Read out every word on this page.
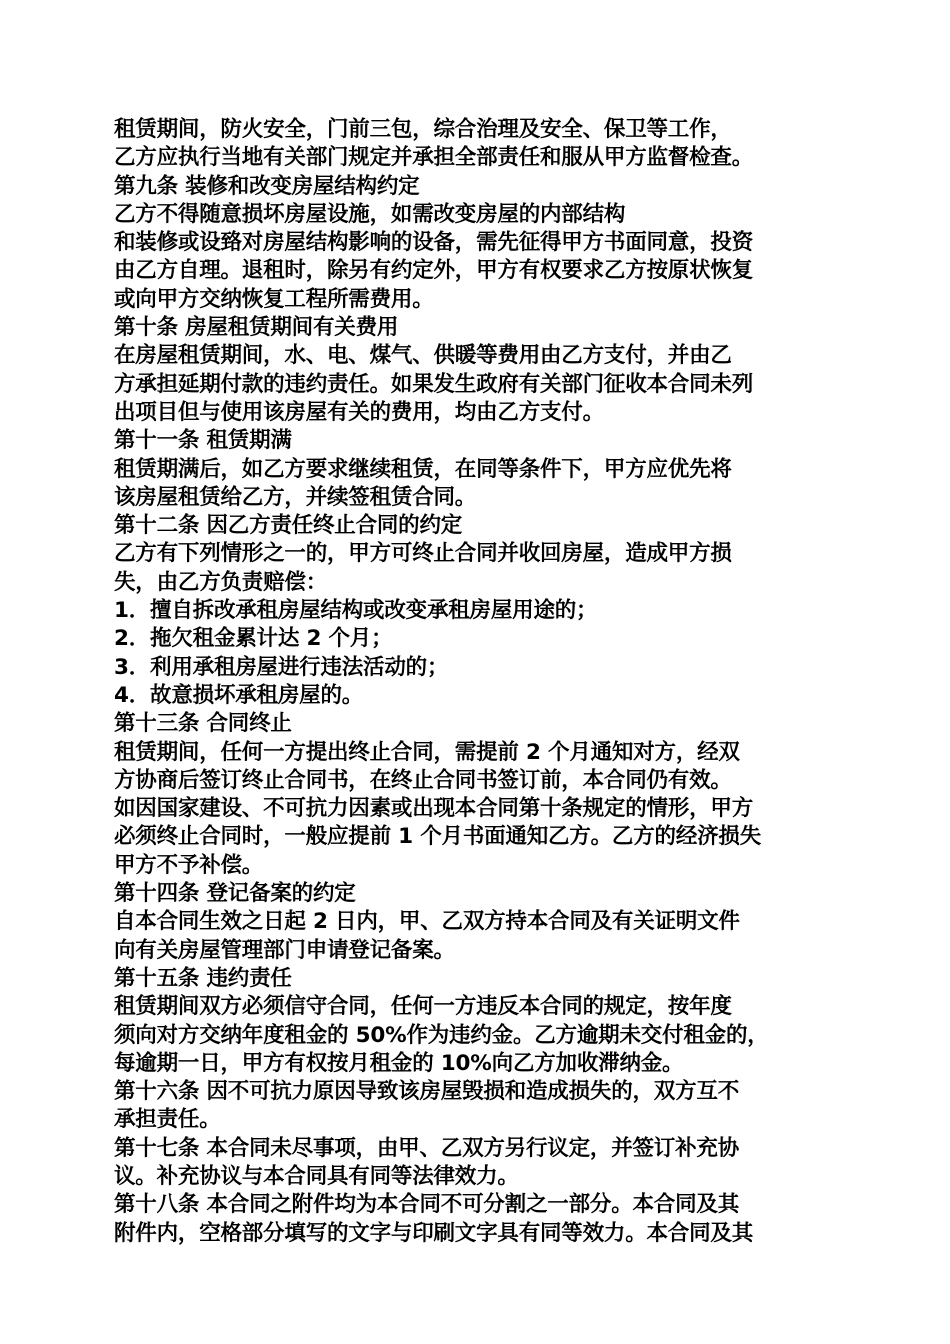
租赁期间，防火安全，门前三包，综合治理及安全、保卫等工作，
乙方应执行当地有关部门规定并承担全部责任和服从甲方监督检查。
第九条 装修和改变房屋结构约定
乙方不得随意损坏房屋设施，如需改变房屋的内部结构
和装修或设臵对房屋结构影响的设备，需先征得甲方书面同意，投资
由乙方自理。退租时，除另有约定外，甲方有权要求乙方按原状恢复
或向甲方交纳恢复工程所需费用。
第十条 房屋租赁期间有关费用
在房屋租赁期间，水、电、煤气、供暖等费用由乙方支付，并由乙
方承担延期付款的违约责任。如果发生政府有关部门征收本合同未列
出项目但与使用该房屋有关的费用，均由乙方支付。
第十一条 租赁期满
租赁期满后，如乙方要求继续租赁，在同等条件下，甲方应优先将
该房屋租赁给乙方，并续签租赁合同。
第十二条 因乙方责任终止合同的约定
乙方有下列情形之一的，甲方可终止合同并收回房屋，造成甲方损
失，由乙方负责赔偿：
1．擅自拆改承租房屋结构或改变承租房屋用途的；
2．拖欠租金累计达 2 个月；
3．利用承租房屋进行违法活动的；
4．故意损坏承租房屋的。
第十三条 合同终止
租赁期间，任何一方提出终止合同，需提前 2 个月通知对方，经双
方协商后签订终止合同书，在终止合同书签订前，本合同仍有效。
如因国家建设、不可抗力因素或出现本合同第十条规定的情形，甲方
必须终止合同时，一般应提前 1 个月书面通知乙方。乙方的经济损失
甲方不予补偿。
第十四条 登记备案的约定
自本合同生效之日起 2 日内，甲、乙双方持本合同及有关证明文件
向有关房屋管理部门申请登记备案。
第十五条 违约责任
租赁期间双方必须信守合同，任何一方违反本合同的规定，按年度
须向对方交纳年度租金的 50%作为违约金。乙方逾期未交付租金的，
每逾期一日，甲方有权按月租金的 10%向乙方加收滞纳金。
第十六条 因不可抗力原因导致该房屋毁损和造成损失的，双方互不
承担责任。
第十七条 本合同未尽事项，由甲、乙双方另行议定，并签订补充协
议。补充协议与本合同具有同等法律效力。
第十八条 本合同之附件均为本合同不可分割之一部分。本合同及其
附件内，空格部分填写的文字与印刷文字具有同等效力。本合同及其
